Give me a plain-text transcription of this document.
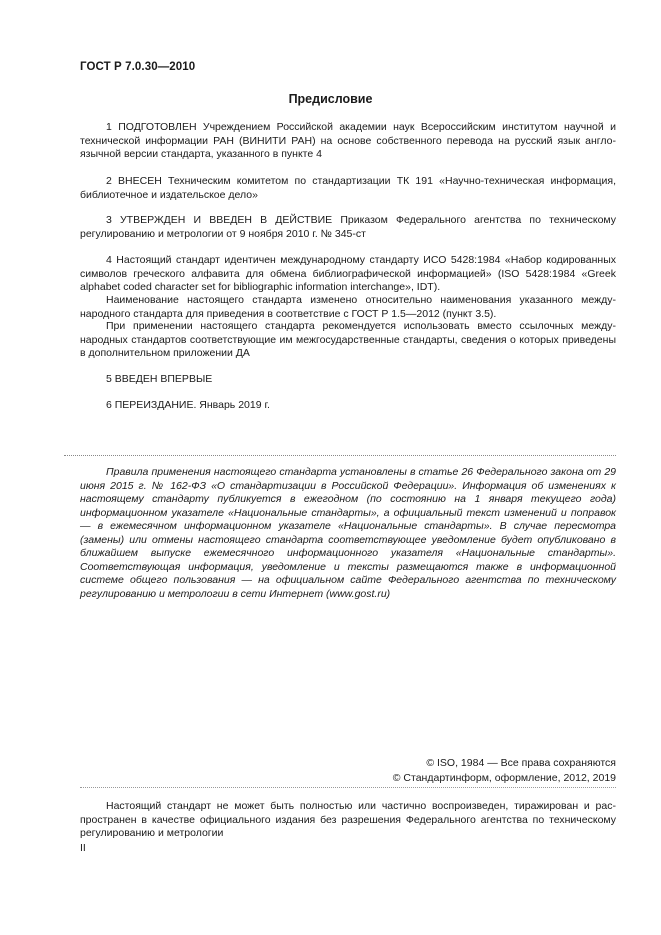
ГОСТ Р 7.0.30—2010
Предисловие
1 ПОДГОТОВЛЕН Учреждением Российской академии наук Всероссийским институтом научной и технической информации РАН (ВИНИТИ РАН) на основе собственного перевода на русский язык англоязычной версии стандарта, указанного в пункте 4
2 ВНЕСЕН Техническим комитетом по стандартизации ТК 191 «Научно-техническая информация, библиотечное и издательское дело»
3 УТВЕРЖДЕН И ВВЕДЕН В ДЕЙСТВИЕ Приказом Федерального агентства по техническому регулированию и метрологии от 9 ноября 2010 г. № 345-ст
4 Настоящий стандарт идентичен международному стандарту ИСО 5428:1984 «Набор кодированных символов греческого алфавита для обмена библиографической информацией» (ISO 5428:1984 «Greek alphabet coded character set for bibliographic information interchange», IDT).
Наименование настоящего стандарта изменено относительно наименования указанного международного стандарта для приведения в соответствие с ГОСТ Р 1.5—2012 (пункт 3.5).
При применении настоящего стандарта рекомендуется использовать вместо ссылочных международных стандартов соответствующие им межгосударственные стандарты, сведения о которых приведены в дополнительном приложении ДА
5 ВВЕДЕН ВПЕРВЫЕ
6 ПЕРЕИЗДАНИЕ. Январь 2019 г.
Правила применения настоящего стандарта установлены в статье 26 Федерального закона от 29 июня 2015 г. № 162-ФЗ «О стандартизации в Российской Федерации». Информация об изменениях к настоящему стандарту публикуется в ежегодном (по состоянию на 1 января текущего года) информационном указателе «Национальные стандарты», а официальный текст изменений и поправок — в ежемесячном информационном указателе «Национальные стандарты». В случае пересмотра (замены) или отмены настоящего стандарта соответствующее уведомление будет опубликовано в ближайшем выпуске ежемесячного информационного указателя «Национальные стандарты». Соответствующая информация, уведомление и тексты размещаются также в информационной системе общего пользования — на официальном сайте Федерального агентства по техническому регулированию и метрологии в сети Интернет (www.gost.ru)
© ISO, 1984 — Все права сохраняются
© Стандартинформ, оформление, 2012, 2019
Настоящий стандарт не может быть полностью или частично воспроизведен, тиражирован и распространен в качестве официального издания без разрешения Федерального агентства по техническому регулированию и метрологии
II
